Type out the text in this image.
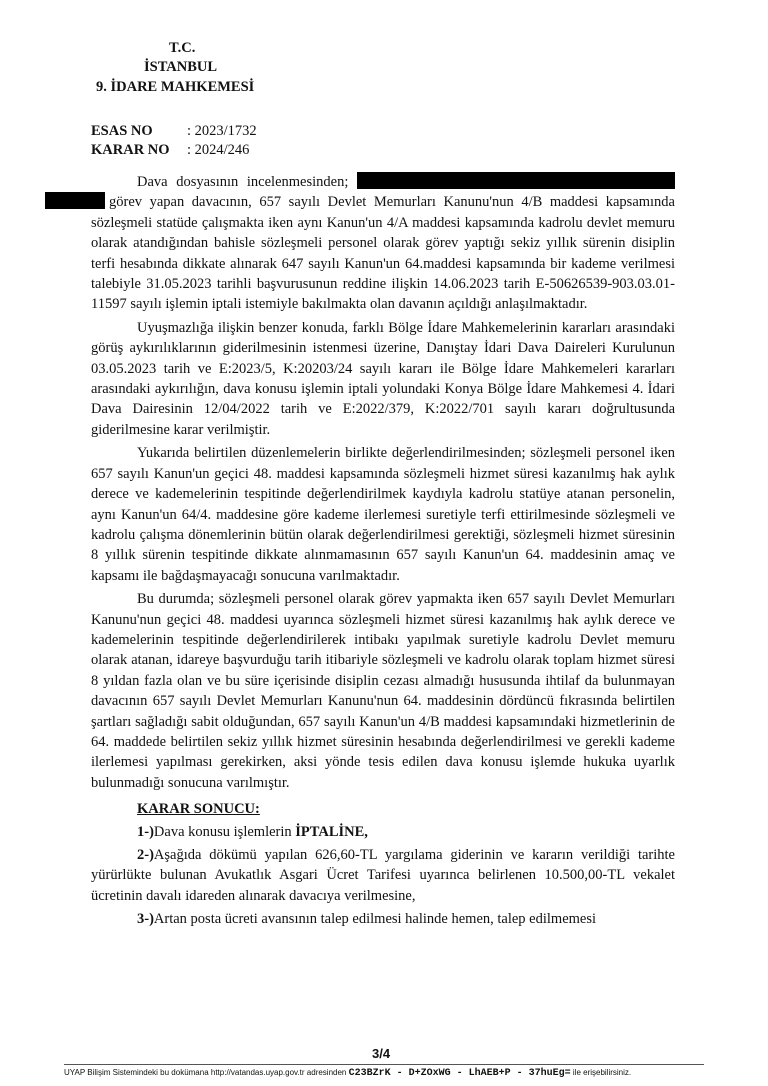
T.C.
İSTANBUL
9. İDARE MAHKEMESİ
ESAS NO : 2023/1732
KARAR NO : 2024/246

Dava dosyasının incelenmesinden;  görev yapan davacının, 657 sayılı Devlet Memurları Kanunu'nun 4/B maddesi kapsamında sözleşmeli statüde çalışmakta iken aynı Kanun'un 4/A maddesi kapsamında kadrolu devlet memuru olarak atandığından bahisle sözleşmeli personel olarak görev yaptığı sekiz yıllık sürenin disiplin terfi hesabında dikkate alınarak 647 sayılı Kanun'un 64.maddesi kapsamında bir kademe verilmesi talebiyle 31.05.2023 tarihli başvurusunun reddine ilişkin 14.06.2023 tarih E-50626539-903.03.01-11597 sayılı işlemin iptali istemiyle bakılmakta olan davanın açıldığı anlaşılmaktadır.

Uyuşmazlığa ilişkin benzer konuda, farklı Bölge İdare Mahkemelerinin kararları arasındaki görüş aykırılıklarının giderilmesinin istenmesi üzerine, Danıştay İdari Dava Daireleri Kurulunun 03.05.2023 tarih ve E:2023/5, K:20203/24 sayılı kararı ile Bölge İdare Mahkemeleri kararları arasındaki aykırılığın, dava konusu işlemin iptali yolundaki Konya Bölge İdare Mahkemesi 4. İdari Dava Dairesinin 12/04/2022 tarih ve E:2022/379, K:2022/701 sayılı kararı doğrultusunda giderilmesine karar verilmiştir.

Yukarıda belirtilen düzenlemelerin birlikte değerlendirilmesinden; sözleşmeli personel iken 657 sayılı Kanun'un geçici 48. maddesi kapsamında sözleşmeli hizmet süresi kazanılmış hak aylık derece ve kademelerinin tespitinde değerlendirilmek kaydıyla kadrolu statüye atanan personelin, aynı Kanun'un 64/4. maddesine göre kademe ilerlemesi suretiyle terfi ettirilmesinde sözleşmeli ve kadrolu çalışma dönemlerinin bütün olarak değerlendirilmesi gerektiği, sözleşmeli hizmet süresinin 8 yıllık sürenin tespitinde dikkate alınmamasının 657 sayılı Kanun'un 64. maddesinin amaç ve kapsamı ile bağdaşmayacağı sonucuna varılmaktadır.

Bu durumda; sözleşmeli personel olarak görev yapmakta iken 657 sayılı Devlet Memurları Kanunu'nun geçici 48. maddesi uyarınca sözleşmeli hizmet süresi kazanılmış hak aylık derece ve kademelerinin tespitinde değerlendirilerek intibakı yapılmak suretiyle kadrolu Devlet memuru olarak atanan, idareye başvurduğu tarih itibariyle sözleşmeli ve kadrolu olarak toplam hizmet süresi 8 yıldan fazla olan ve bu süre içerisinde disiplin cezası almadığı hususunda ihtilaf da bulunmayan davacının 657 sayılı Devlet Memurları Kanunu'nun 64. maddesinin dördüncü fıkrasında belirtilen şartları sağladığı sabit olduğundan, 657 sayılı Kanun'un 4/B maddesi kapsamındaki hizmetlerinin de 64. maddede belirtilen sekiz yıllık hizmet süresinin hesabında değerlendirilmesi ve gerekli kademe ilerlemesi yapılması gerekirken, aksi yönde tesis edilen dava konusu işlemde hukuka uyarlık bulunmadığı sonucuna varılmıştır.

KARAR SONUCU:

1-)Dava konusu işlemlerin İPTALİNE,

2-)Aşağıda dökümü yapılan 626,60-TL yargılama giderinin ve kararın verildiği tarihte yürürlükte bulunan Avukatlık Asgari Ücret Tarifesi uyarınca belirlenen 10.500,00-TL vekalet ücretinin davalı idareden alınarak davacıya verilmesine,

3-)Artan posta ücreti avansının talep edilmesi halinde hemen, talep edilmemesi

3/4
UYAP Bilişim Sistemindeki bu dokümana http://vatandas.uyap.gov.tr adresinden C23BZrK - D+ZOxWG - LhAEB+P - 37huEg= ile erişebilirsiniz.
